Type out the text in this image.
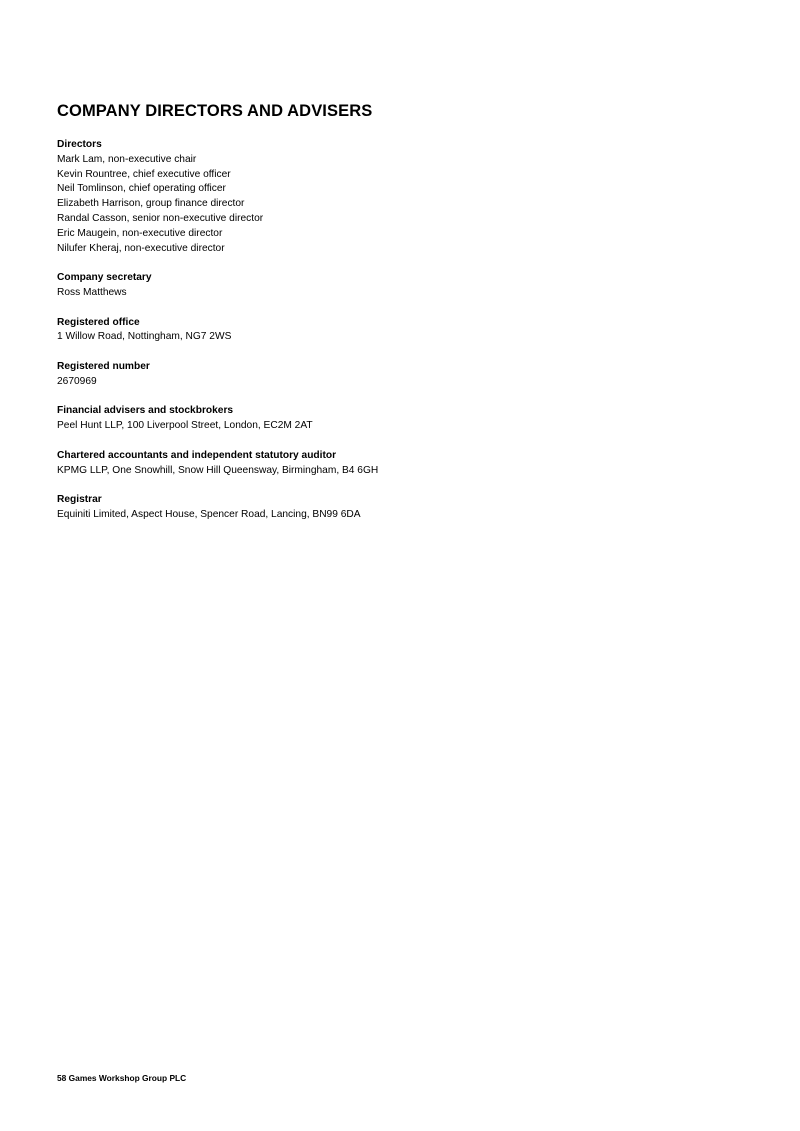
COMPANY DIRECTORS AND ADVISERS

Directors

Mark Lam, non-executive chair

Kevin Rountree, chief executive officer

Neil Tomlinson, chief operating officer

Elizabeth Harrison, group finance director

Randal Casson, senior non-executive director

Eric Maugein, non-executive director

Nilufer Kheraj, non-executive director

Company secretary

Ross Matthews

Registered office

1 Willow Road, Nottingham, NG7 2WS

Registered number

2670969

Financial advisers and stockbrokers

Peel Hunt LLP, 100 Liverpool Street, London, EC2M 2AT

Chartered accountants and independent statutory auditor

KPMG LLP, One Snowhill, Snow Hill Queensway, Birmingham, B4 6GH

Registrar

Equiniti Limited, Aspect House, Spencer Road, Lancing, BN99 6DA

58 Games Workshop Group PLC
